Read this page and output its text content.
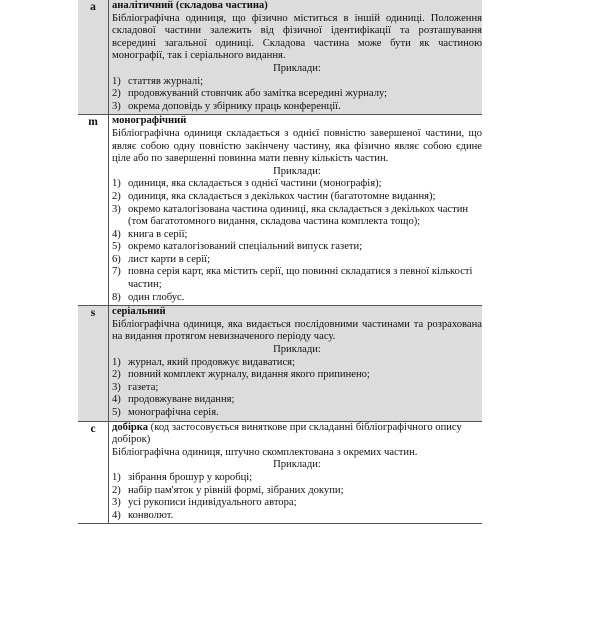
a	аналітичний (складова частина)
Бібліографічна одиниця, що фізично міститься в іншій одиниці. Положення складової частини залежить від фізичної ідентифікації та розташування всередині загальної одиниці. Складова частина може бути як частиною монографії, так і серіального видання.
Приклади:
1) статтяв журналі;
2) продовжуваний стовпчик або замітка всередині журналу;
3) окрема доповідь у збірнику праць конференції.
m	монографічний
Бібліографічна одиниця складається з однієї повністю завершеної частини, що являє собою одну повністю закінчену частину, яка фізично являє собою єдине ціле або по завершенні повинна мати певну кількість частин.
Приклади:
1) одиниця, яка складається з однієї частини (монографія);
2) одиниця, яка складається з декількох частин (багатотомне видання);
3) окремо каталогізована частина одиниці, яка складається з декількох частин (том багатотомного видання, складова частина комплекта тощо);
4) книга в серії;
5) окремо каталогізований спеціальний випуск газети;
6) лист карти в серії;
7) повна серія карт, яка містить серії, що повинні складатися з певної кількості частин;
8) один глобус.
s	серіальний
Бібліографічна одиниця, яка видається послідовними частинами та розрахована на видання протягом невизначеного періоду часу.
Приклади:
1) журнал, який продовжує видаватися;
2) повний комплект журналу, видання якого припинено;
3) газета;
4) продовжуване видання;
5) монографічна серія.
c	добірка (код застосовується виняткове при складанні бібліографічного опису добірок)
Бібліографічна одиниця, штучно скомплектована з окремих частин.
Приклади:
1) зібрання брошур у коробці;
2) набір пам'яток у рівній формі, зібраних докупи;
3) усі рукописи індивідуального автора;
4) конволют.
